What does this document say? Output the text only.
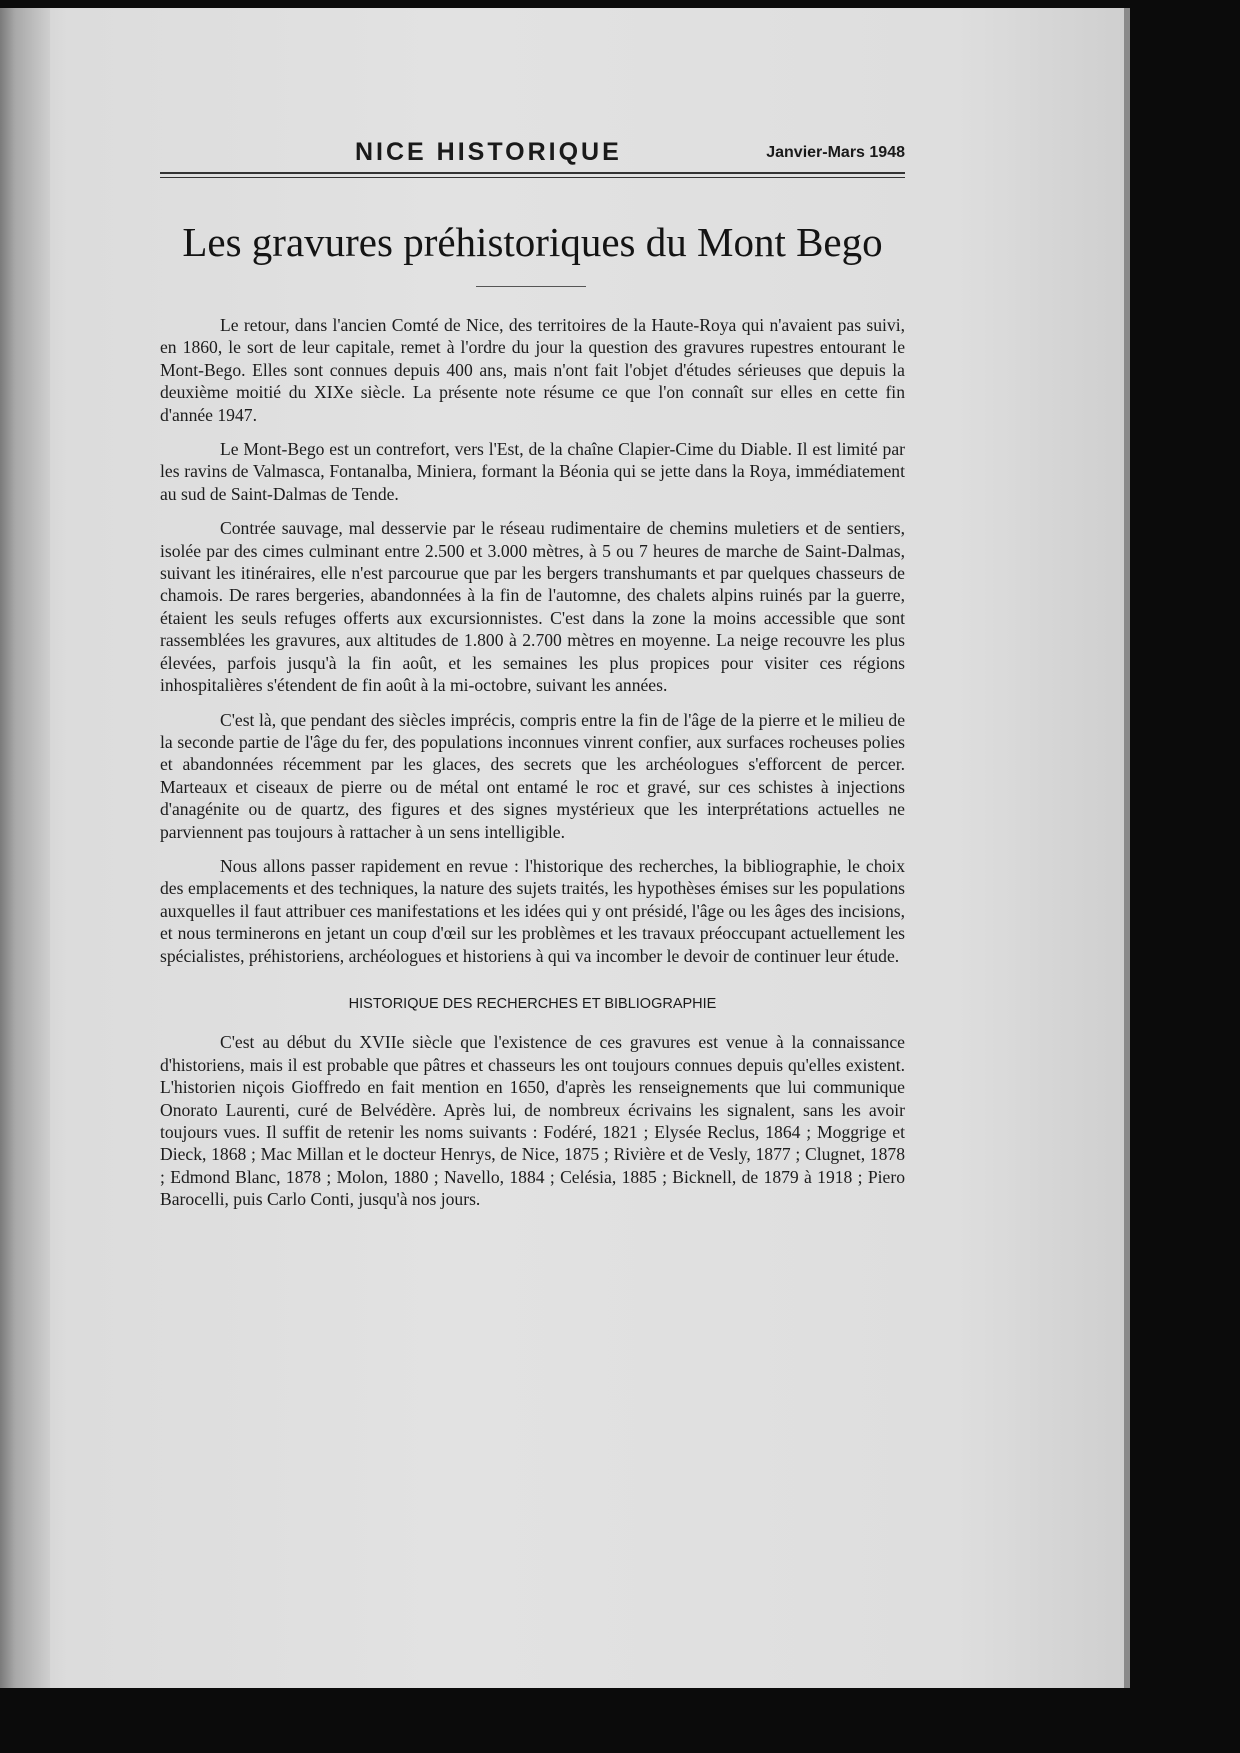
NICE HISTORIQUE	Janvier-Mars 1948
Les gravures préhistoriques du Mont Bego

Le retour, dans l'ancien Comté de Nice, des territoires de la Haute-Roya qui n'avaient pas suivi, en 1860, le sort de leur capitale, remet à l'ordre du jour la question des gravures rupestres entourant le Mont-Bego. Elles sont connues depuis 400 ans, mais n'ont fait l'objet d'études sérieuses que depuis la deuxième moitié du XIXe siècle. La présente note résume ce que l'on connaît sur elles en cette fin d'année 1947.

Le Mont-Bego est un contrefort, vers l'Est, de la chaîne Clapier-Cime du Diable. Il est limité par les ravins de Valmasca, Fontanalba, Miniera, formant la Béonia qui se jette dans la Roya, immédiatement au sud de Saint-Dalmas de Tende.

Contrée sauvage, mal desservie par le réseau rudimentaire de chemins muletiers et de sentiers, isolée par des cimes culminant entre 2.500 et 3.000 mètres, à 5 ou 7 heures de marche de Saint-Dalmas, suivant les itinéraires, elle n'est parcourue que par les bergers transhumants et par quelques chasseurs de chamois. De rares bergeries, abandonnées à la fin de l'automne, des chalets alpins ruinés par la guerre, étaient les seuls refuges offerts aux excursionnistes. C'est dans la zone la moins accessible que sont rassemblées les gravures, aux altitudes de 1.800 à 2.700 mètres en moyenne. La neige recouvre les plus élevées, parfois jusqu'à la fin août, et les semaines les plus propices pour visiter ces régions inhospitalières s'étendent de fin août à la mi-octobre, suivant les années.

C'est là, que pendant des siècles imprécis, compris entre la fin de l'âge de la pierre et le milieu de la seconde partie de l'âge du fer, des populations inconnues vinrent confier, aux surfaces rocheuses polies et abandonnées récemment par les glaces, des secrets que les archéologues s'efforcent de percer. Marteaux et ciseaux de pierre ou de métal ont entamé le roc et gravé, sur ces schistes à injections d'anagénite ou de quartz, des figures et des signes mystérieux que les interprétations actuelles ne parviennent pas toujours à rattacher à un sens intelligible.

Nous allons passer rapidement en revue : l'historique des recherches, la bibliographie, le choix des emplacements et des techniques, la nature des sujets traités, les hypothèses émises sur les populations auxquelles il faut attribuer ces manifestations et les idées qui y ont présidé, l'âge ou les âges des incisions, et nous terminerons en jetant un coup d'œil sur les problèmes et les travaux préoccupant actuellement les spécialistes, préhistoriens, archéologues et historiens à qui va incomber le devoir de continuer leur étude.

HISTORIQUE DES RECHERCHES ET BIBLIOGRAPHIE

C'est au début du XVIIe siècle que l'existence de ces gravures est venue à la connaissance d'historiens, mais il est probable que pâtres et chasseurs les ont toujours connues depuis qu'elles existent. L'historien niçois Gioffredo en fait mention en 1650, d'après les renseignements que lui communique Onorato Laurenti, curé de Belvédère. Après lui, de nombreux écrivains les signalent, sans les avoir toujours vues. Il suffit de retenir les noms suivants : Fodéré, 1821 ; Elysée Reclus, 1864 ; Moggrige et Dieck, 1868 ; Mac Millan et le docteur Henrys, de Nice, 1875 ; Rivière et de Vesly, 1877 ; Clugnet, 1878 ; Edmond Blanc, 1878 ; Molon, 1880 ; Navello, 1884 ; Celésia, 1885 ; Bicknell, de 1879 à 1918 ; Piero Barocelli, puis Carlo Conti, jusqu'à nos jours.
